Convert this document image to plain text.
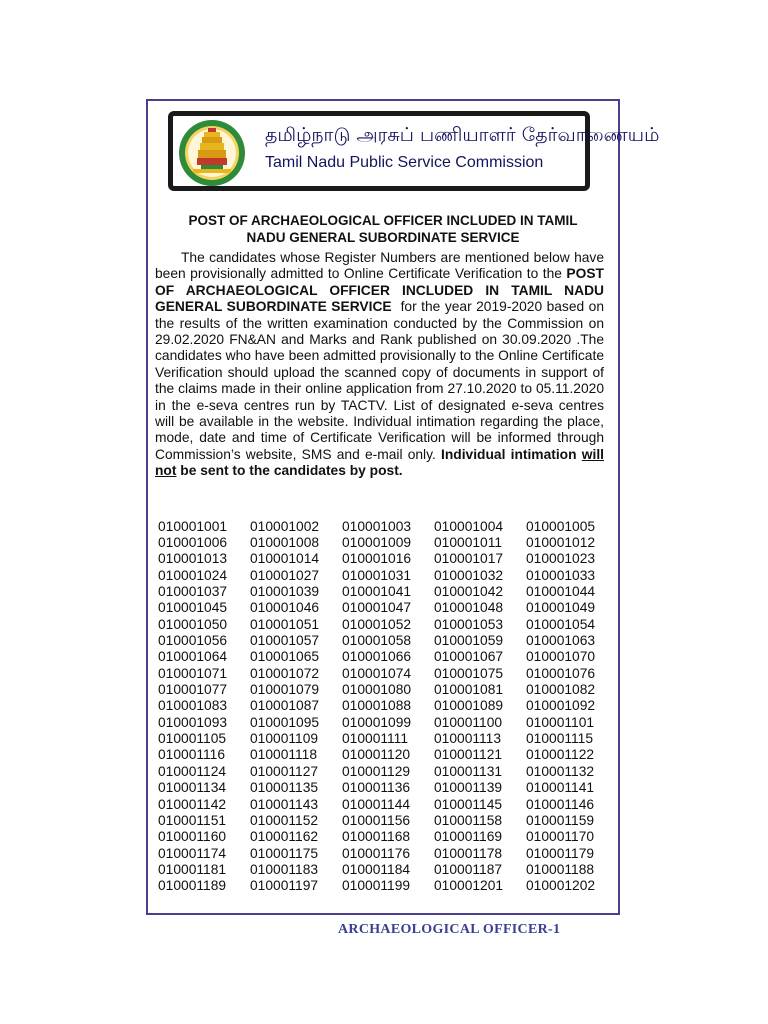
தமிழ்நாடு அரசுப் பணியாளர் தேர்வாணையம்
Tamil Nadu Public Service Commission
POST OF ARCHAEOLOGICAL OFFICER INCLUDED IN TAMIL
NADU GENERAL SUBORDINATE SERVICE
The candidates whose Register Numbers are mentioned below have been provisionally admitted to Online Certificate Verification to the POST OF ARCHAEOLOGICAL OFFICER INCLUDED IN TAMIL NADU GENERAL SUBORDINATE SERVICE for the year 2019-2020 based on the results of the written examination conducted by the Commission on 29.02.2020 FN&AN and Marks and Rank published on 30.09.2020 .The candidates who have been admitted provisionally to the Online Certificate Verification should upload the scanned copy of documents in support of the claims made in their online application from 27.10.2020 to 05.11.2020 in the e-seva centres run by TACTV. List of designated e-seva centres will be available in the website. Individual intimation regarding the place, mode, date and time of Certificate Verification will be informed through Commission’s website, SMS and e-mail only. Individual intimation will not be sent to the candidates by post.
010001001	010001002	010001003	010001004	010001005
010001006	010001008	010001009	010001011	010001012
010001013	010001014	010001016	010001017	010001023
010001024	010001027	010001031	010001032	010001033
010001037	010001039	010001041	010001042	010001044
010001045	010001046	010001047	010001048	010001049
010001050	010001051	010001052	010001053	010001054
010001056	010001057	010001058	010001059	010001063
010001064	010001065	010001066	010001067	010001070
010001071	010001072	010001074	010001075	010001076
010001077	010001079	010001080	010001081	010001082
010001083	010001087	010001088	010001089	010001092
010001093	010001095	010001099	010001100	010001101
010001105	010001109	010001111	010001113	010001115
010001116	010001118	010001120	010001121	010001122
010001124	010001127	010001129	010001131	010001132
010001134	010001135	010001136	010001139	010001141
010001142	010001143	010001144	010001145	010001146
010001151	010001152	010001156	010001158	010001159
010001160	010001162	010001168	010001169	010001170
010001174	010001175	010001176	010001178	010001179
010001181	010001183	010001184	010001187	010001188
010001189	010001197	010001199	010001201	010001202
ARCHAEOLOGICAL OFFICER-1
